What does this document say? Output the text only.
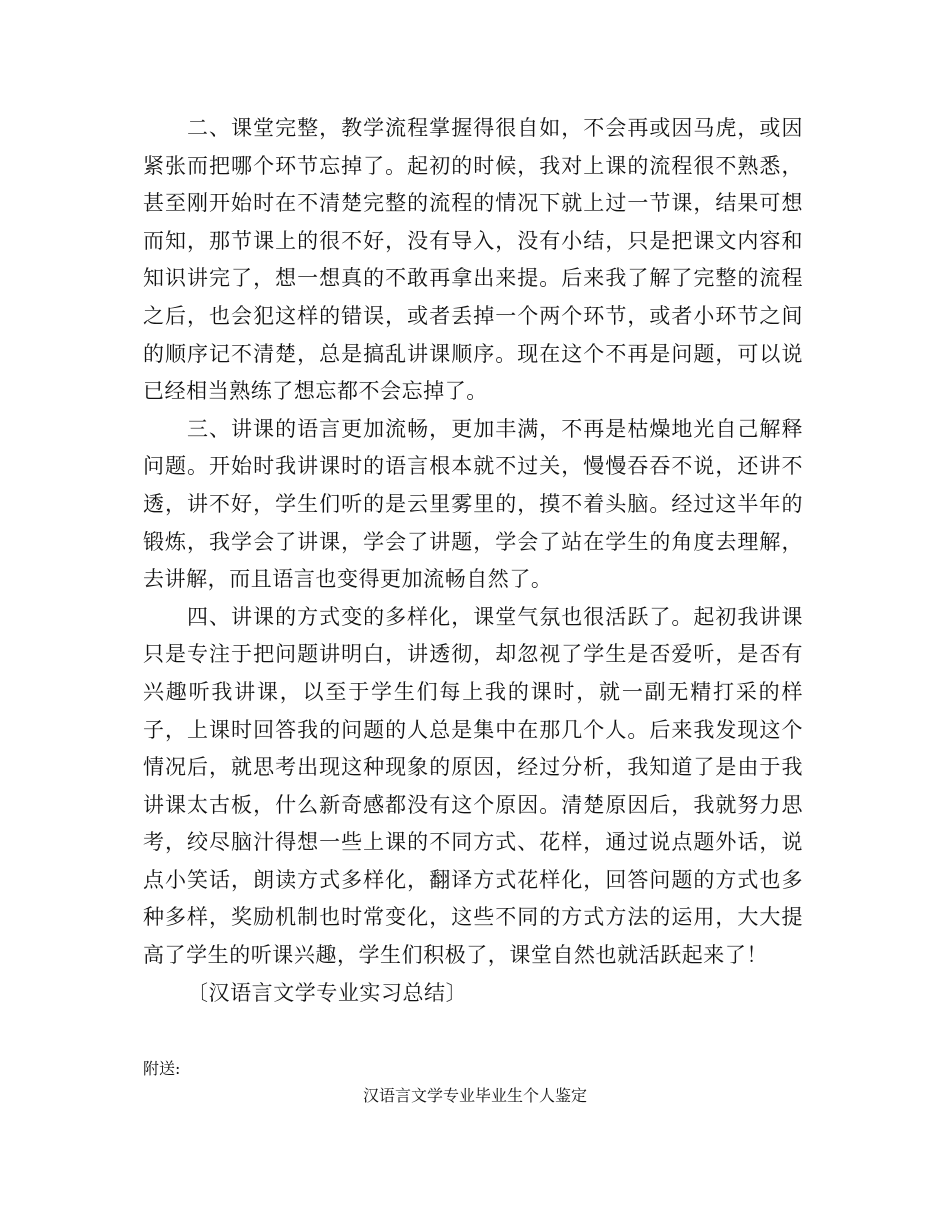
二、课堂完整，教学流程掌握得很自如，不会再或因马虎，或因紧张而把哪个环节忘掉了。起初的时候，我对上课的流程很不熟悉，甚至刚开始时在不清楚完整的流程的情况下就上过一节课，结果可想而知，那节课上的很不好，没有导入，没有小结，只是把课文内容和知识讲完了，想一想真的不敢再拿出来提。后来我了解了完整的流程之后，也会犯这样的错误，或者丢掉一个两个环节，或者小环节之间的顺序记不清楚，总是搞乱讲课顺序。现在这个不再是问题，可以说已经相当熟练了想忘都不会忘掉了。

三、讲课的语言更加流畅，更加丰满，不再是枯燥地光自己解释问题。开始时我讲课时的语言根本就不过关，慢慢吞吞不说，还讲不透，讲不好，学生们听的是云里雾里的，摸不着头脑。经过这半年的锻炼，我学会了讲课，学会了讲题，学会了站在学生的角度去理解，去讲解，而且语言也变得更加流畅自然了。

四、讲课的方式变的多样化，课堂气氛也很活跃了。起初我讲课只是专注于把问题讲明白，讲透彻，却忽视了学生是否爱听，是否有兴趣听我讲课，以至于学生们每上我的课时，就一副无精打采的样子，上课时回答我的问题的人总是集中在那几个人。后来我发现这个情况后，就思考出现这种现象的原因，经过分析，我知道了是由于我讲课太古板，什么新奇感都没有这个原因。清楚原因后，我就努力思考，绞尽脑汁得想一些上课的不同方式、花样，通过说点题外话，说点小笑话，朗读方式多样化，翻译方式花样化，回答问题的方式也多种多样，奖励机制也时常变化，这些不同的方式方法的运用，大大提高了学生的听课兴趣，学生们积极了，课堂自然也就活跃起来了！

〔汉语言文学专业实习总结〕

附送:
汉语言文学专业毕业生个人鉴定
